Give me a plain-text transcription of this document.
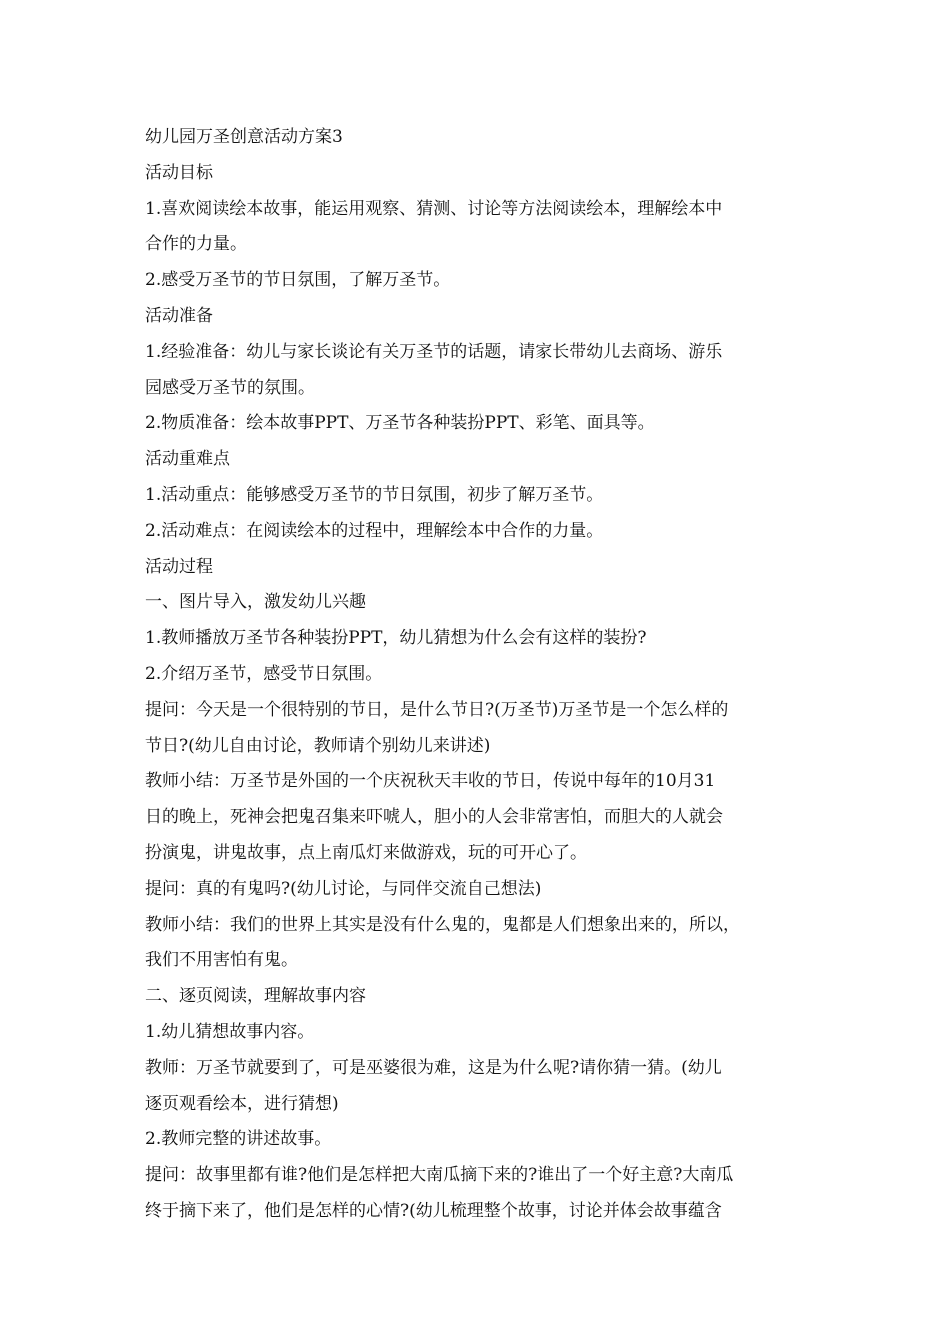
幼儿园万圣创意活动方案3
活动目标
1.喜欢阅读绘本故事，能运用观察、猜测、讨论等方法阅读绘本，理解绘本中
合作的力量。
2.感受万圣节的节日氛围，了解万圣节。
活动准备
1.经验准备：幼儿与家长谈论有关万圣节的话题，请家长带幼儿去商场、游乐
园感受万圣节的氛围。
2.物质准备：绘本故事PPT、万圣节各种装扮PPT、彩笔、面具等。
活动重难点
1.活动重点：能够感受万圣节的节日氛围，初步了解万圣节。
2.活动难点：在阅读绘本的过程中，理解绘本中合作的力量。
活动过程
一、图片导入，激发幼儿兴趣
1.教师播放万圣节各种装扮PPT，幼儿猜想为什么会有这样的装扮?
2.介绍万圣节，感受节日氛围。
提问：今天是一个很特别的节日，是什么节日?(万圣节)万圣节是一个怎么样的
节日?(幼儿自由讨论，教师请个别幼儿来讲述)
教师小结：万圣节是外国的一个庆祝秋天丰收的节日，传说中每年的10月31
日的晚上，死神会把鬼召集来吓唬人，胆小的人会非常害怕，而胆大的人就会
扮演鬼，讲鬼故事，点上南瓜灯来做游戏，玩的可开心了。
提问：真的有鬼吗?(幼儿讨论，与同伴交流自己想法)
教师小结：我们的世界上其实是没有什么鬼的，鬼都是人们想象出来的，所以，
我们不用害怕有鬼。
二、逐页阅读，理解故事内容
1.幼儿猜想故事内容。
教师：万圣节就要到了，可是巫婆很为难，这是为什么呢?请你猜一猜。(幼儿
逐页观看绘本，进行猜想)
2.教师完整的讲述故事。
提问：故事里都有谁?他们是怎样把大南瓜摘下来的?谁出了一个好主意?大南瓜
终于摘下来了，他们是怎样的心情?(幼儿梳理整个故事，讨论并体会故事蕴含
